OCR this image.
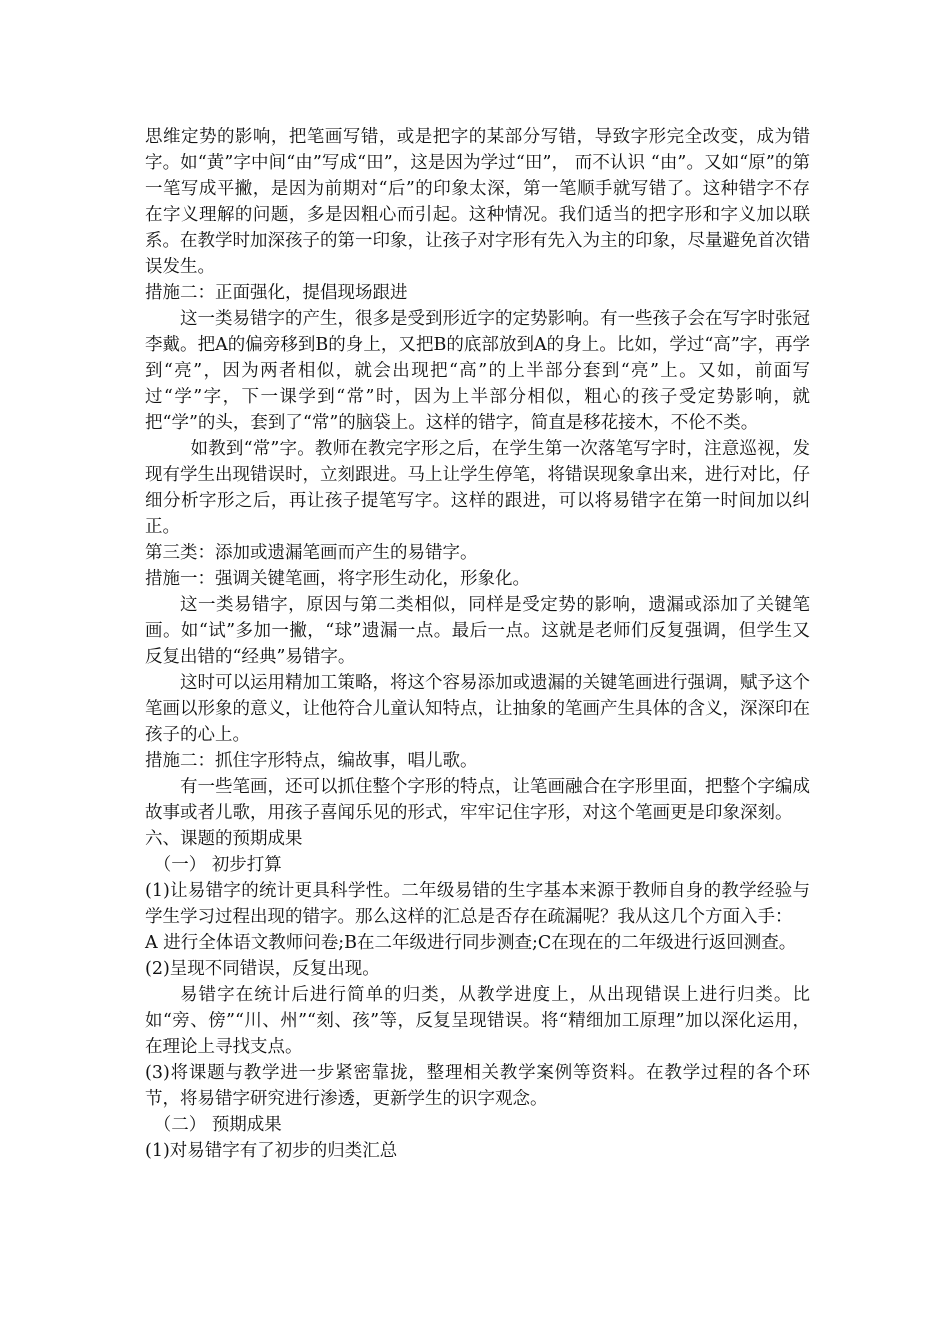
思维定势的影响，把笔画写错，或是把字的某部分写错，导致字形完全改变，成为错字。如“黄”字中间“由”写成“田”，这是因为学过“田”， 而不认识 “由”。又如“原”的第一笔写成平撇，是因为前期对“后”的印象太深，第一笔顺手就写错了。这种错字不存在字义理解的问题，多是因粗心而引起。这种情况。我们适当的把字形和字义加以联系。在教学时加深孩子的第一印象，让孩子对字形有先入为主的印象，尽量避免首次错误发生。

措施二：正面强化，提倡现场跟进

这一类易错字的产生，很多是受到形近字的定势影响。有一些孩子会在写字时张冠李戴。把A的偏旁移到B的身上，又把B的底部放到A的身上。比如，学过“高”字，再学到“亮”，因为两者相似，就会出现把“高”的上半部分套到“亮”上。又如，前面写过“学”字，下一课学到“常”时，因为上半部分相似，粗心的孩子受定势影响，就把“学”的头，套到了“常”的脑袋上。这样的错字，简直是移花接木，不伦不类。

如教到“常”字。教师在教完字形之后，在学生第一次落笔写字时，注意巡视，发现有学生出现错误时，立刻跟进。马上让学生停笔，将错误现象拿出来，进行对比，仔细分析字形之后，再让孩子提笔写字。这样的跟进，可以将易错字在第一时间加以纠正。

第三类：添加或遗漏笔画而产生的易错字。

措施一：强调关键笔画，将字形生动化，形象化。

这一类易错字，原因与第二类相似，同样是受定势的影响，遗漏或添加了关键笔画。如“试”多加一撇，“球”遗漏一点。最后一点。这就是老师们反复强调，但学生又反复出错的“经典”易错字。

这时可以运用精加工策略，将这个容易添加或遗漏的关键笔画进行强调，赋予这个笔画以形象的意义，让他符合儿童认知特点，让抽象的笔画产生具体的含义，深深印在孩子的心上。

措施二：抓住字形特点，编故事，唱儿歌。

有一些笔画，还可以抓住整个字形的特点，让笔画融合在字形里面，把整个字编成故事或者儿歌，用孩子喜闻乐见的形式，牢牢记住字形，对这个笔画更是印象深刻。

六、课题的预期成果

（一） 初步打算

(1)让易错字的统计更具科学性。二年级易错的生字基本来源于教师自身的教学经验与学生学习过程出现的错字。那么这样的汇总是否存在疏漏呢？我从这几个方面入手：

A 进行全体语文教师问卷;B在二年级进行同步测查;C在现在的二年级进行返回测查。

(2)呈现不同错误，反复出现。

易错字在统计后进行简单的归类，从教学进度上，从出现错误上进行归类。比如“旁、傍”“川、州”“刻、孩”等，反复呈现错误。将“精细加工原理”加以深化运用，在理论上寻找支点。

(3)将课题与教学进一步紧密靠拢，整理相关教学案例等资料。在教学过程的各个环节，将易错字研究进行渗透，更新学生的识字观念。

（二） 预期成果

(1)对易错字有了初步的归类汇总
